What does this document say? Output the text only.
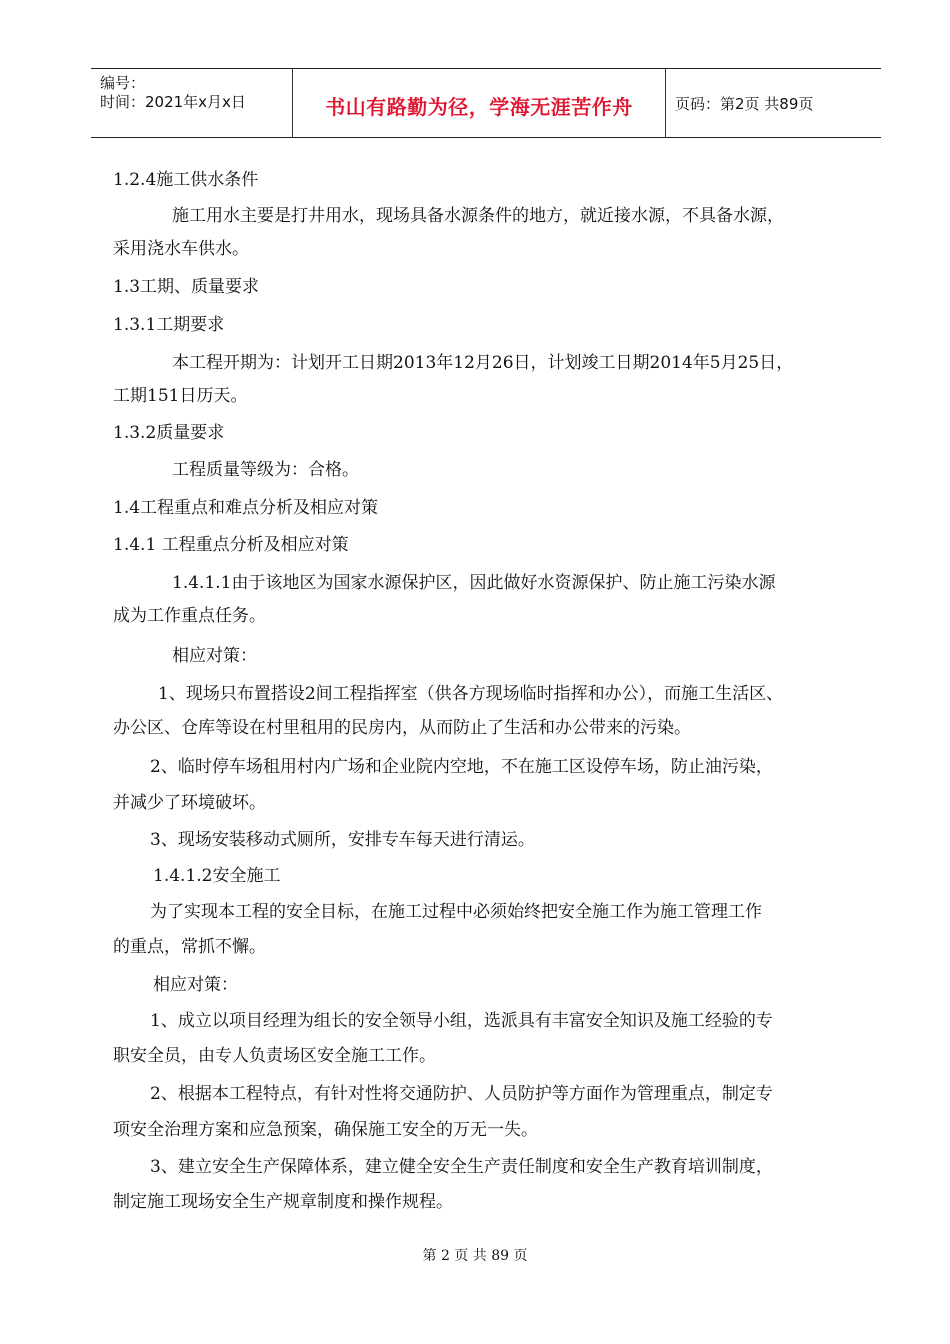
编号：
时间：2021年x月x日	书山有路勤为径，学海无涯苦作舟	页码：第2页 共89页
1.2.4施工供水条件
施工用水主要是打井用水，现场具备水源条件的地方，就近接水源，不具备水源，
采用浇水车供水。
1.3工期、质量要求
1.3.1工期要求
本工程开期为：计划开工日期2013年12月26日，计划竣工日期2014年5月25日，
工期151日历天。
1.3.2质量要求
工程质量等级为：合格。
1.4工程重点和难点分析及相应对策
1.4.1 工程重点分析及相应对策
1.4.1.1由于该地区为国家水源保护区，因此做好水资源保护、防止施工污染水源
成为工作重点任务。
相应对策：
1、现场只布置搭设2间工程指挥室（供各方现场临时指挥和办公），而施工生活区、
办公区、仓库等设在村里租用的民房内，从而防止了生活和办公带来的污染。
2、临时停车场租用村内广场和企业院内空地，不在施工区设停车场，防止油污染，
并减少了环境破坏。
3、现场安装移动式厕所，安排专车每天进行清运。
1.4.1.2安全施工
为了实现本工程的安全目标，在施工过程中必须始终把安全施工作为施工管理工作
的重点，常抓不懈。
相应对策：
1、成立以项目经理为组长的安全领导小组，选派具有丰富安全知识及施工经验的专
职安全员，由专人负责场区安全施工工作。
2、根据本工程特点，有针对性将交通防护、人员防护等方面作为管理重点，制定专
项安全治理方案和应急预案，确保施工安全的万无一失。
3、建立安全生产保障体系，建立健全安全生产责任制度和安全生产教育培训制度，
制定施工现场安全生产规章制度和操作规程。
第 2 页 共 89 页
